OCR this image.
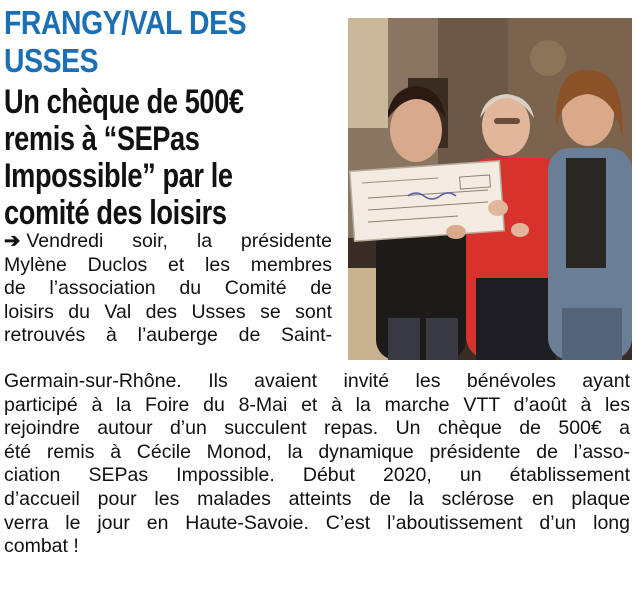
FRANGY/VAL DES
USSES
Un chèque de 500€
remis à “SEPas
Impossible” par le
comité des loisirs
➔ Vendredi soir, la présidente
Mylène Duclos et les membres
de l’association du Comité de
loisirs du Val des Usses se sont
retrouvés à l’auberge de Saint-
Germain-sur-Rhône. Ils avaient invité les bénévoles ayant
participé à la Foire du 8-Mai et à la marche VTT d’août à les
rejoindre autour d’un succulent repas. Un chèque de 500€ a
été remis à Cécile Monod, la dynamique présidente de l’asso-
ciation SEPas Impossible. Début 2020, un établissement
d’accueil pour les malades atteints de la sclérose en plaque
verra le jour en Haute-Savoie. C’est l’aboutissement d’un long
combat !
